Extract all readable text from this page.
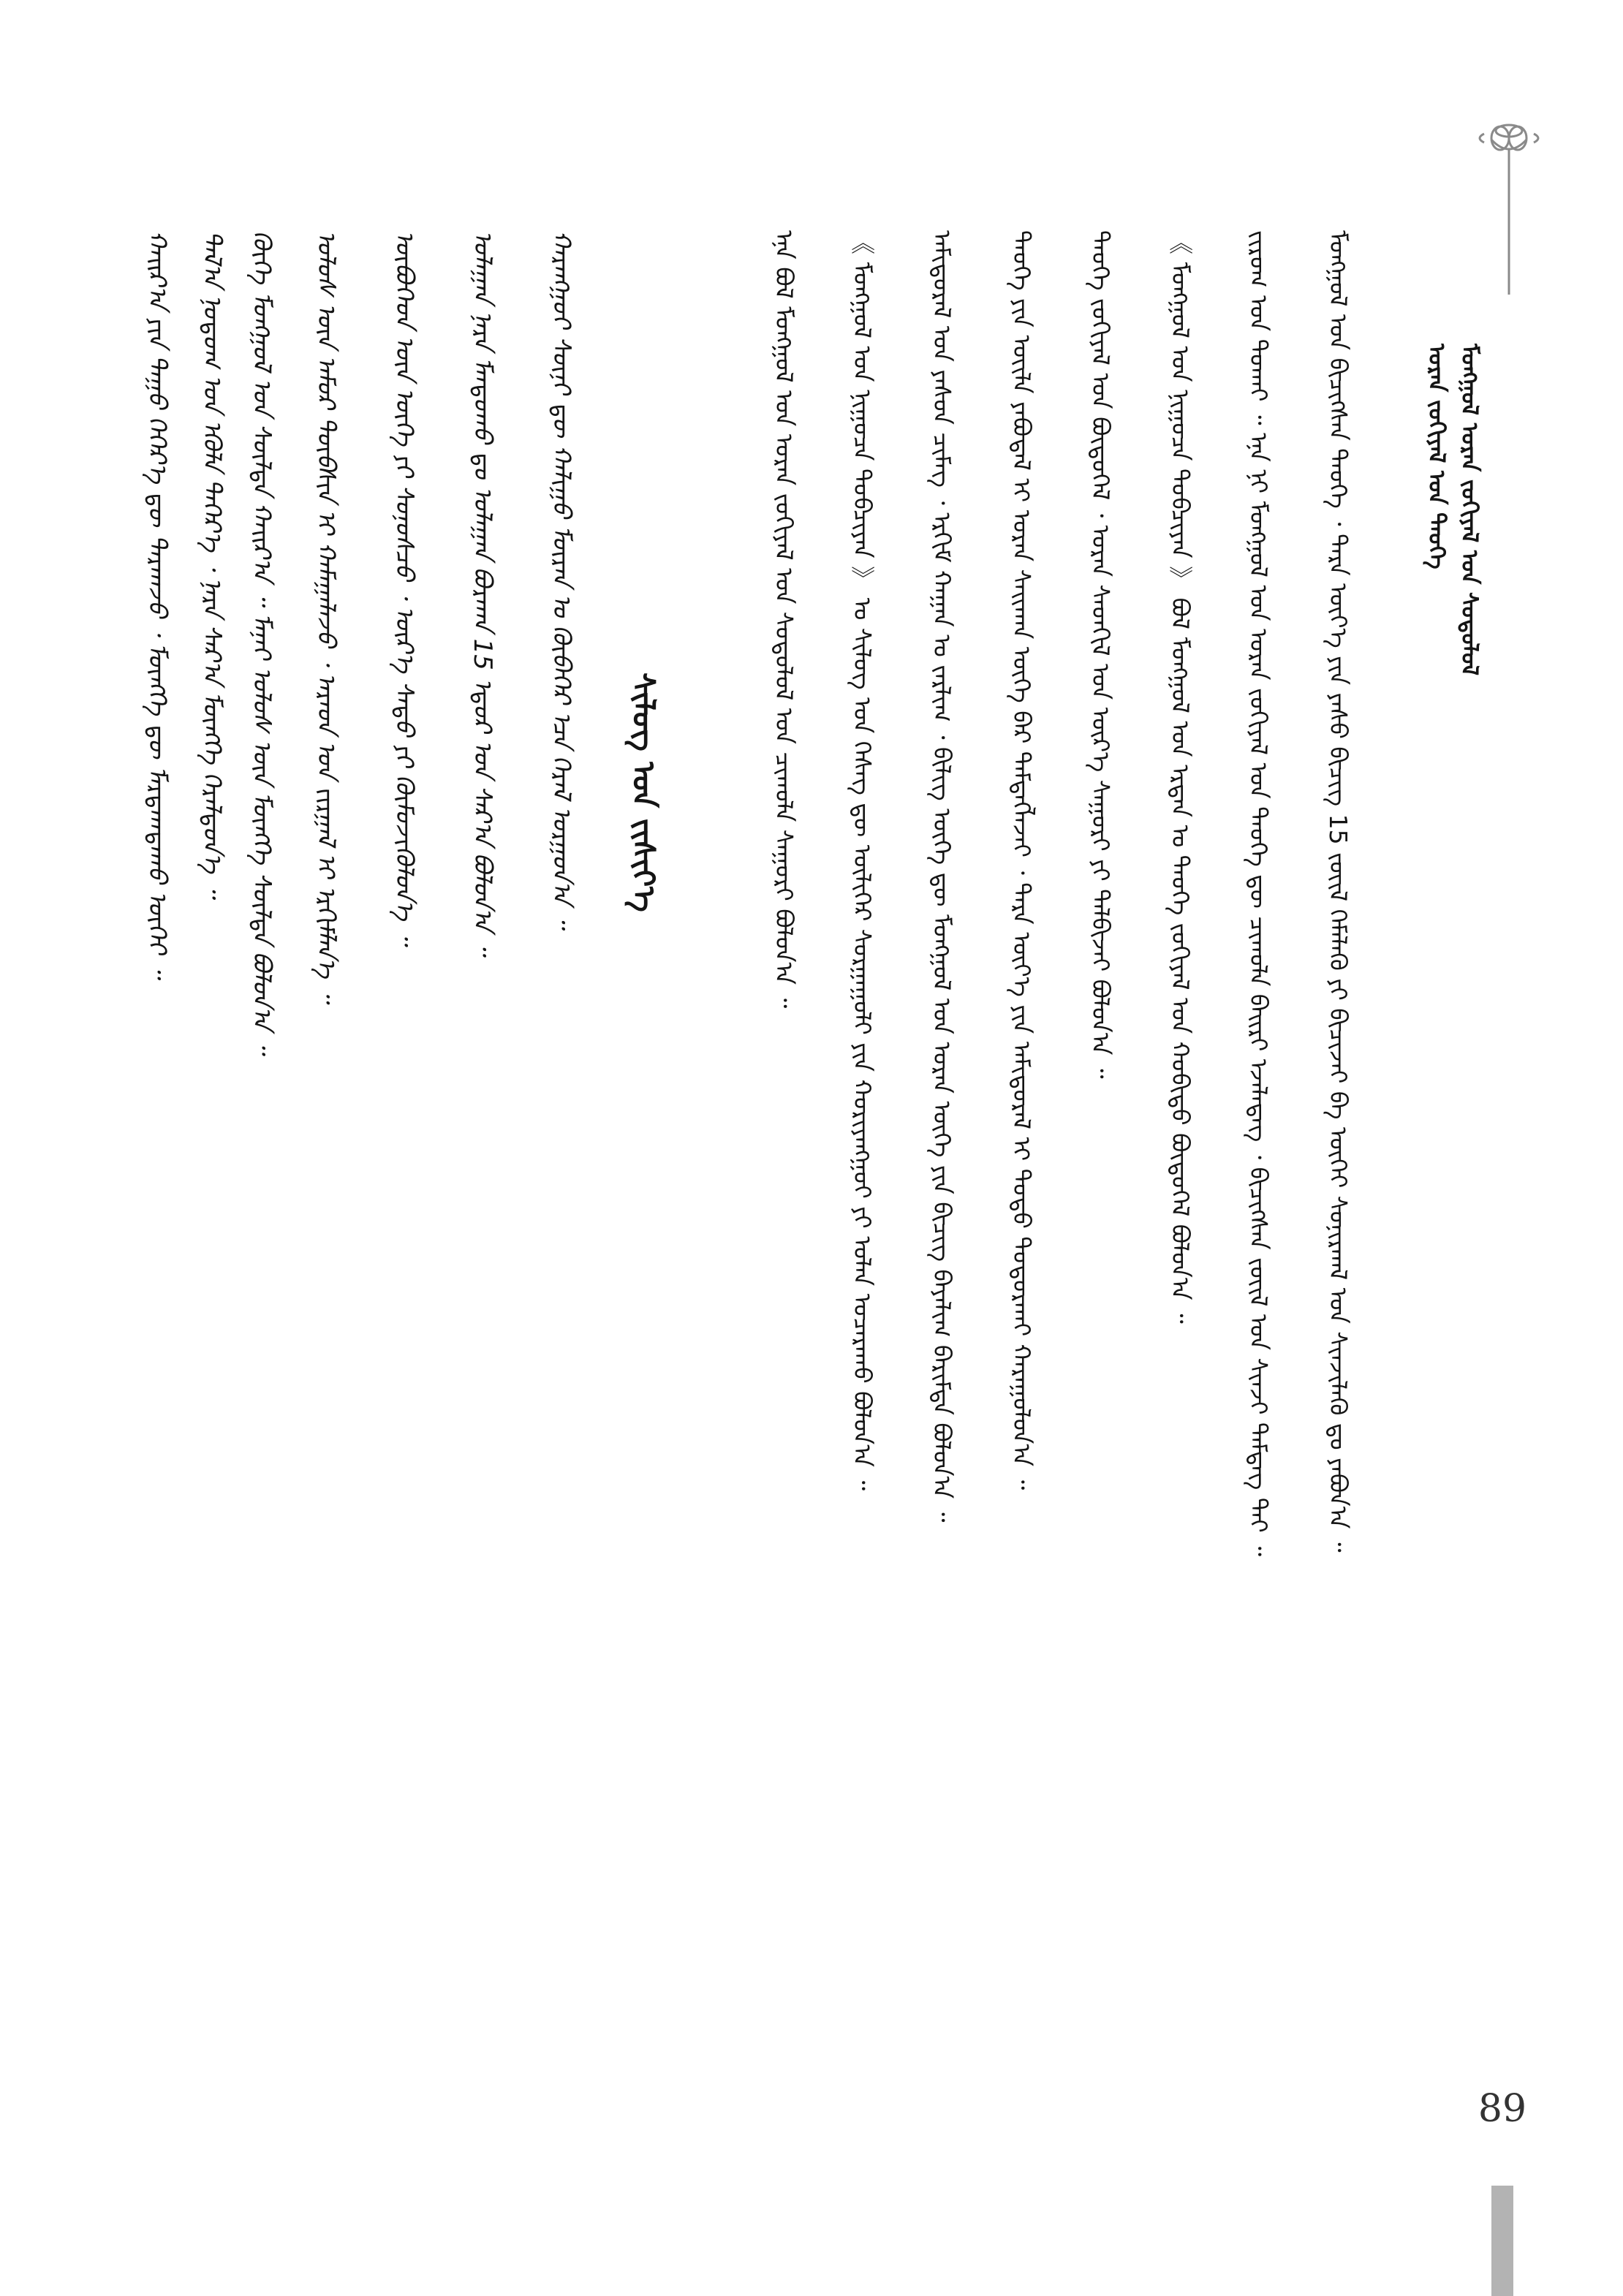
ᠮᠣᠩᠭᠣᠯ ᠤᠷᠠᠨ ᠵᠣᠬᠢᠶᠠᠯ ᠤᠨ ᠰᠣᠳᠤᠯᠤᠯ
ᠤᠷᠠᠨ ᠵᠣᠬᠢᠶᠠᠯ ᠤᠨ ᠲᠡᠦᠬᠡ
ᠮᠣᠩᠭᠣᠯ ᠤᠨ ᠪᠢᠴᠢᠭᠰᠡᠨ ᠲᠡᠦᠬᠡ ᠂ ᠲᠡᠷᠡ ᠦᠶ᠎ᠡ ᠶᠢᠨ ᠶᠠᠰᠤ ᠪᠢᠴᠢᠭ 15 ᠵᠦᠢᠯ ᠬᠡᠮᠡᠯᠡᠬᠦ ᠶᠢ ᠪᠢᠴᠢᠵᠡᠢ ᠪᠠ ᠦᠭᠡᠢ ᠰᠣᠨᠢᠷᠬᠠᠯ ᠤᠨ ᠰᠢᠨᠵᠢᠯᠡᠬᠦ ᠳᠤ ᠶᠠᠪᠤᠨ᠎ᠠ ᠃
ᠵᠢᠷᠤᠭ ᠤᠨ ᠲᠤᠬᠠᠢ ᠃ ᠡᠨᠡ ᠨᠢ ᠮᠣᠩᠭᠣᠯ ᠤᠨ ᠤᠷᠠᠨ ᠵᠣᠬᠢᠶᠠᠯ ᠤᠨ ᠲᠡᠦᠬᠡ ᠳᠦ ᠴᠢᠬᠤᠯᠠ ᠪᠠᠢᠷᠢ ᠡᠵᠡᠯᠡᠳᠡᠭ ᠂ ᠪᠢᠴᠢᠭᠰᠡᠨ ᠵᠦᠢᠯ ᠤᠨ ᠰᠢᠨᠵᠢ ᠲᠡᠮᠳᠡᠭ ᠲᠠᠢ ᠃
《 ᠮᠣᠩᠭᠣᠯ ᠤᠨ ᠨᠢᠭᠤᠴᠠ ᠲᠣᠪᠴᠢᠶᠠᠨ 》 ᠪᠣᠯ ᠮᠣᠩᠭᠣᠯ ᠤᠨ ᠡᠷᠲᠡᠨ ᠤ ᠲᠡᠦᠬᠡ ᠵᠣᠬᠢᠶᠠᠯ ᠤᠨ ᠬᠤᠪᠢᠳᠤ ᠪᠦᠲᠦᠭᠡᠯ ᠪᠣᠯᠤᠨ᠎ᠠ ᠃
ᠲᠡᠦᠬᠡ ᠵᠣᠬᠢᠶᠠᠯ ᠤᠨ ᠪᠦᠲᠦᠭᠡᠯ ᠂ ᠤᠷᠠᠨ ᠰᠡᠳᠬᠢᠯ ᠤᠨ ᠦᠷ᠎ᠡ ᠰᠠᠭᠤᠷᠢ ᠶᠢ ᠲᠠᠯᠪᠢᠵᠠᠢ ᠪᠣᠯᠤᠨ᠎ᠠ ᠃
ᠲᠡᠦᠬᠡ ᠶᠢᠨ ᠦᠢᠯᠡ ᠶᠠᠪᠤᠳᠠᠯ ᠢ ᠤᠷᠠᠨ ᠰᠠᠢᠬᠠᠨ ᠦᠭᠡ ᠪᠡᠷ ᠲᠡᠮᠳᠡᠭᠯᠡᠵᠡᠢ ᠂ ᠲᠡᠷᠡ ᠦᠶ᠎ᠡ ᠶᠢᠨ ᠠᠮᠢᠳᠤᠷᠠᠯ ᠢ ᠲᠣᠳᠣ ᠲᠣᠳᠤᠷᠬᠠᠢ ᠬᠠᠷᠠᠭᠤᠯᠤᠨ᠎ᠠ ᠃
ᠠᠮᠢᠳᠤᠷᠠᠯ ᠤᠨ ᠶᠠᠰᠤᠨ ᠴᠢᠮᠡᠭ ᠂ ᠡᠷᠬᠢᠮ ᠬᠠᠭᠠᠨ ᠤ ᠵᠠᠷᠯᠢᠭ ᠂ ᠪᠢᠯᠢᠭ ᠦᠭᠡ ᠳᠦ ᠮᠣᠩᠭᠣᠯ ᠤᠨ ᠤᠷᠠᠨ ᠦᠭᠡ ᠶᠢᠨ ᠪᠢᠴᠢᠭ ᠪᠠᠶᠠᠯᠢᠭ ᠪᠠᠷᠢᠮᠲᠠ ᠪᠣᠯᠤᠨ᠎ᠠ ᠃
《 ᠮᠣᠩᠭᠣᠯ ᠤᠨ ᠨᠢᠭᠤᠴᠠ ᠲᠣᠪᠴᠢᠶᠠᠨ 》 ᠤ ᠰᠢᠯᠦᠭ ᠤᠨ ᠬᠡᠰᠡᠭ ᠳᠦ ᠦᠯᠢᠭᠡᠷ ᠰᠤᠷᠭᠠᠭᠤᠯᠢ ᠶᠢᠨ ᠬᠣᠷᠢᠶᠠᠩᠭᠤᠢ ᠶᠢ ᠣᠯᠠᠨ ᠤᠴᠠᠷᠠᠬᠤ ᠪᠣᠯᠤᠨ᠎ᠠ ᠃
ᠡᠨᠡ ᠪᠣᠯ ᠮᠣᠩᠭᠣᠯ ᠤᠨ ᠤᠷᠠᠨ ᠵᠣᠬᠢᠶᠠᠯ ᠤᠨ ᠰᠣᠳᠤᠯᠤᠯ ᠤᠨ ᠴᠢᠬᠤᠯᠠ ᠰᠠᠭᠤᠷᠢ ᠪᠣᠯᠤᠨ᠎ᠠ ᠃
ᠰᠢᠯᠦᠭ ᠤᠨ ᠵᠢᠱᠢᠶ᠎ᠡ
ᠬᠠᠷᠠᠩᠭᠤᠢ ᠰᠦᠨᠢ ᠳᠦ ᠬᠠᠯᠢᠭᠤ ᠮᠦᠷᠡᠨ ᠤ ᠬᠦᠪᠡᠭᠡᠷ ᠡᠴᠡ ᠭᠡᠷᠡᠯ ᠤᠷᠭᠤᠨ᠎ᠠ ᠃
ᠤᠯᠠᠭᠠᠨ ᠨᠠᠷᠠ ᠮᠠᠨᠳᠤᠬᠤ ᠳᠤ ᠤᠯᠠᠭᠠᠨ ᠪᠤᠷᠬᠠᠨ 15 ᠡᠳᠦᠷ ᠤᠨ ᠰᠠᠷ᠎ᠠ ᠪᠣᠯᠤᠨ᠎ᠠ ᠃
ᠦᠪᠦᠭᠡᠳ ᠦᠨ ᠦᠭᠡ ᠶᠢ ᠰᠣᠨᠣᠰᠴᠤ ᠂ ᠦᠷ᠎ᠡ ᠰᠠᠳᠤ ᠶᠢ ᠬᠦᠮᠦᠵᠢᠭᠦᠯᠦᠨ᠎ᠡ ᠃
ᠤᠯᠤᠰ ᠦᠨ ᠠᠮᠤᠷ ᠲᠦᠪᠰᠢᠨ ᠢ ᠬᠠᠮᠠᠭᠠᠯᠠᠵᠤ ᠂ ᠠᠷᠠᠳ ᠤᠨ ᠵᠢᠷᠭᠠᠯ ᠢ ᠡᠷᠬᠢᠮᠯᠡᠨ᠎ᠡ ᠃
ᠬᠦᠬᠡ ᠮᠣᠩᠭᠣᠯ ᠤᠨ ᠰᠦᠯᠳᠡ ᠬᠠᠢᠷ᠎ᠠ ᠃ ᠮᠠᠨᠠᠢ ᠤᠯᠤᠰ ᠦᠨ ᠮᠥᠩᠬᠡ ᠰᠦᠯᠳᠡ ᠪᠣᠯᠤᠨ᠎ᠠ ᠃
ᠲᠠᠯ᠎ᠠ ᠨᠤᠲᠤᠭ ᠤᠨ ᠡᠭᠦᠯᠡ ᠳᠡᠭᠡᠷ᠎ᠡ ᠂ ᠨᠠᠷᠠ ᠰᠠᠷ᠎ᠠ ᠮᠥᠩᠬᠡ ᠭᠡᠷᠡᠯᠲᠦᠨ᠎ᠡ ᠃
ᠬᠠᠢᠷ᠎ᠠ ᠶᠢᠨ ᠳᠠᠭᠤ ᠬᠡᠭᠡᠷ᠎ᠡ ᠳᠦ ᠲᠠᠷᠬᠠᠵᠤ ᠂ ᠮᠥᠩᠬᠡ ᠳᠦ ᠮᠠᠷᠲᠠᠭᠳᠠᠬᠤ ᠦᠭᠡᠢ ᠃
89
